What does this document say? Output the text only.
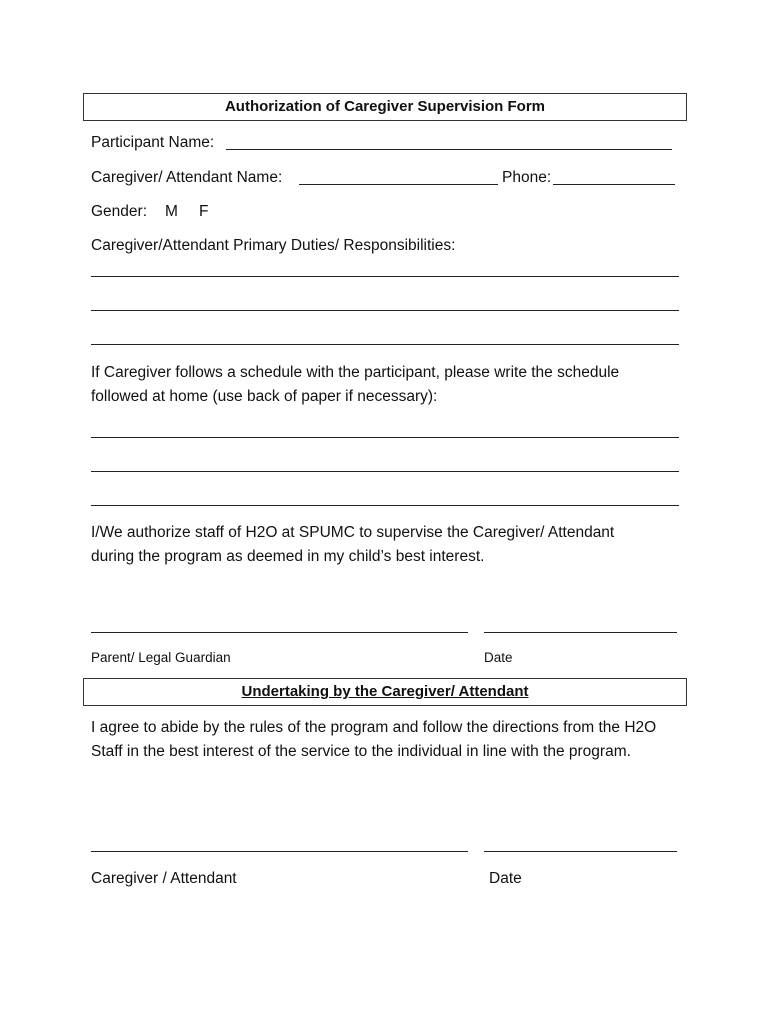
Authorization of Caregiver Supervision Form
Participant Name:
Caregiver/ Attendant Name:	Phone:
Gender: M F
Caregiver/Attendant Primary Duties/ Responsibilities:
If Caregiver follows a schedule with the participant, please write the schedule followed at home (use back of paper if necessary):
I/We authorize staff of H2O at SPUMC to supervise the Caregiver/ Attendant during the program as deemed in my child’s best interest.
Parent/ Legal Guardian	Date
Undertaking by the Caregiver/ Attendant
I agree to abide by the rules of the program and follow the directions from the H2O Staff in the best interest of the service to the individual in line with the program.
Caregiver / Attendant	Date
